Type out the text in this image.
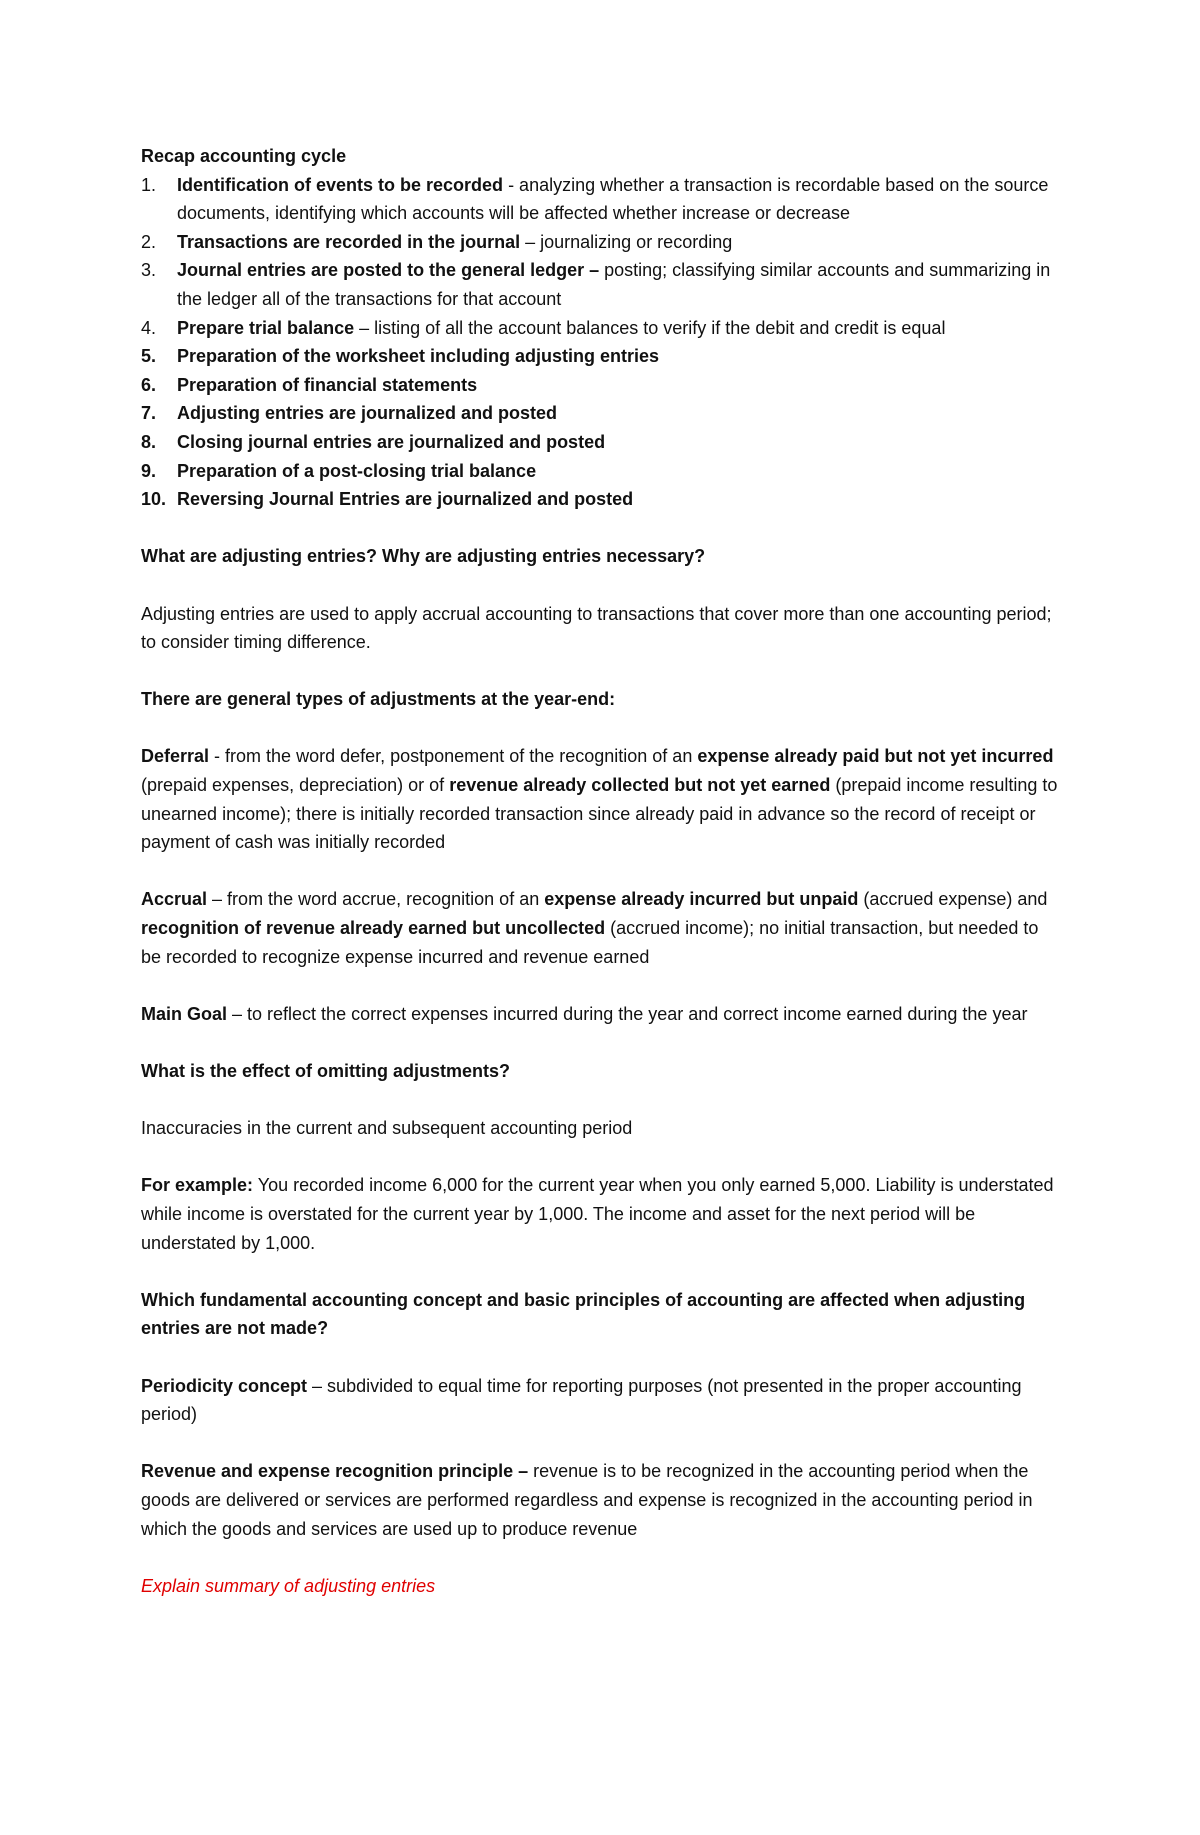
Recap accounting cycle

1. Identification of events to be recorded - analyzing whether a transaction is recordable based on the source documents, identifying which accounts will be affected whether increase or decrease
2. Transactions are recorded in the journal – journalizing or recording
3. Journal entries are posted to the general ledger – posting; classifying similar accounts and summarizing in the ledger all of the transactions for that account
4. Prepare trial balance – listing of all the account balances to verify if the debit and credit is equal
5. Preparation of the worksheet including adjusting entries
6. Preparation of financial statements
7. Adjusting entries are journalized and posted
8. Closing journal entries are journalized and posted
9. Preparation of a post-closing trial balance
10. Reversing Journal Entries are journalized and posted

What are adjusting entries? Why are adjusting entries necessary?

Adjusting entries are used to apply accrual accounting to transactions that cover more than one accounting period; to consider timing difference.

There are general types of adjustments at the year-end:

Deferral - from the word defer, postponement of the recognition of an expense already paid but not yet incurred (prepaid expenses, depreciation) or of revenue already collected but not yet earned (prepaid income resulting to unearned income); there is initially recorded transaction since already paid in advance so the record of receipt or payment of cash was initially recorded

Accrual – from the word accrue, recognition of an expense already incurred but unpaid (accrued expense) and recognition of revenue already earned but uncollected (accrued income); no initial transaction, but needed to be recorded to recognize expense incurred and revenue earned

Main Goal – to reflect the correct expenses incurred during the year and correct income earned during the year

What is the effect of omitting adjustments?

Inaccuracies in the current and subsequent accounting period

For example: You recorded income 6,000 for the current year when you only earned 5,000. Liability is understated while income is overstated for the current year by 1,000. The income and asset for the next period will be understated by 1,000.

Which fundamental accounting concept and basic principles of accounting are affected when adjusting entries are not made?

Periodicity concept – subdivided to equal time for reporting purposes (not presented in the proper accounting period)

Revenue and expense recognition principle – revenue is to be recognized in the accounting period when the goods are delivered or services are performed regardless and expense is recognized in the accounting period in which the goods and services are used up to produce revenue

Explain summary of adjusting entries
